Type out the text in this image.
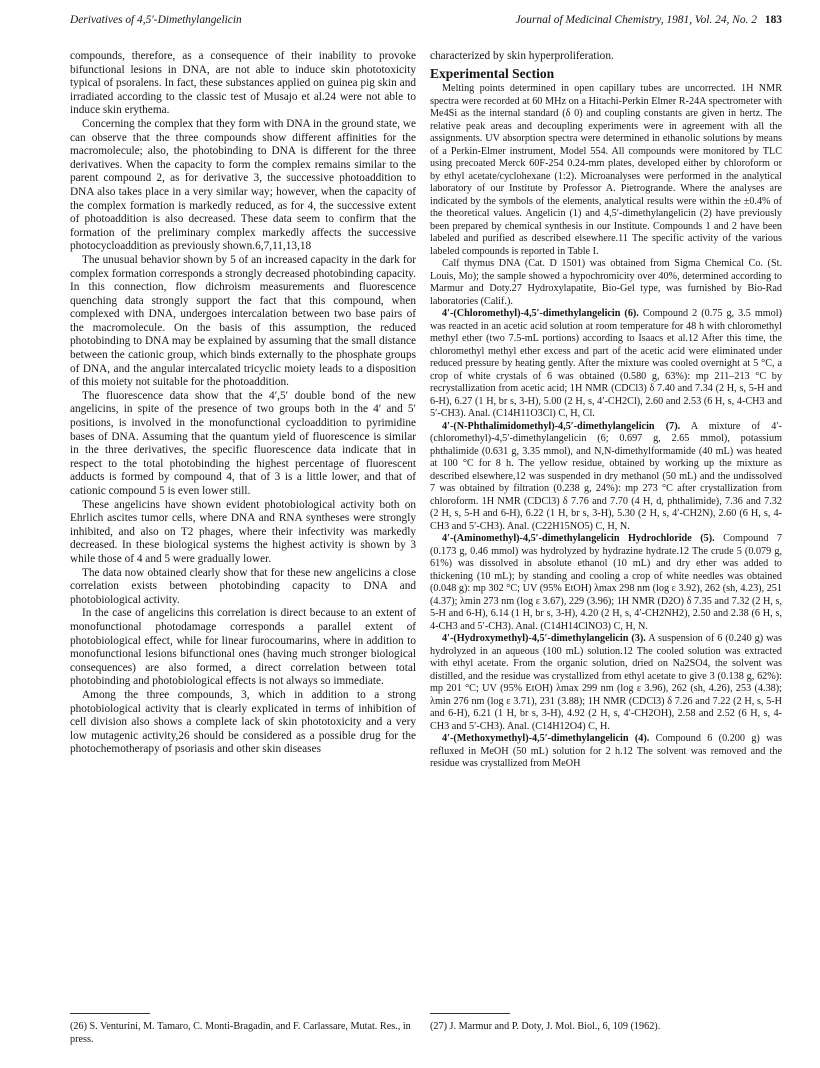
Derivatives of 4,5′-Dimethylangelicin	Journal of Medicinal Chemistry, 1981, Vol. 24, No. 2 183

compounds, therefore, as a consequence of their inability to provoke bifunctional lesions in DNA, are not able to induce skin phototoxicity typical of psoralens. In fact, these substances applied on guinea pig skin and irradiated according to the classic test of Musajo et al.24 were not able to induce skin erythema.

Concerning the complex that they form with DNA in the ground state, we can observe that the three compounds show different affinities for the macromolecule; also, the photobinding to DNA is different for the three derivatives. When the capacity to form the complex remains similar to the parent compound 2, as for derivative 3, the successive photoaddition to DNA also takes place in a very similar way; however, when the capacity of the complex formation is markedly reduced, as for 4, the successive extent of photoaddition is also decreased. These data seem to confirm that the formation of the preliminary complex markedly affects the successive photocycloaddition as previously shown.6,7,11,13,18

The unusual behavior shown by 5 of an increased capacity in the dark for complex formation corresponds a strongly decreased photobinding capacity. In this connection, flow dichroism measurements and fluorescence quenching data strongly support the fact that this compound, when complexed with DNA, undergoes intercalation between two base pairs of the macromolecule. On the basis of this assumption, the reduced photobinding to DNA may be explained by assuming that the small distance between the cationic group, which binds externally to the phosphate groups of DNA, and the angular intercalated tricyclic moiety leads to a disposition of this moiety not suitable for the photoaddition.

The fluorescence data show that the 4′,5′ double bond of the new angelicins, in spite of the presence of two groups both in the 4′ and 5′ positions, is involved in the monofunctional cycloaddition to pyrimidine bases of DNA. Assuming that the quantum yield of fluorescence is similar in the three derivatives, the specific fluorescence data indicate that in respect to the total photobinding the highest percentage of fluorescent adducts is formed by compound 4, that of 3 is a little lower, and that of cationic compound 5 is even lower still.

These angelicins have shown evident photobiological activity both on Ehrlich ascites tumor cells, where DNA and RNA syntheses were strongly inhibited, and also on T2 phages, where their infectivity was markedly decreased. In these biological systems the highest activity is shown by 3 while those of 4 and 5 were gradually lower.

The data now obtained clearly show that for these new angelicins a close correlation exists between photobinding capacity to DNA and photobiological activity.

In the case of angelicins this correlation is direct because to an extent of monofunctional photodamage corresponds a parallel extent of photobiological effect, while for linear furocoumarins, where in addition to monofunctional lesions bifunctional ones (having much stronger biological consequences) are also formed, a direct correlation between total photobinding and photobiological effects is not always so immediate.

Among the three compounds, 3, which in addition to a strong photobiological activity that is clearly explicated in terms of inhibition of cell division also shows a complete lack of skin phototoxicity and a very low mutagenic activity,26 should be considered as a possible drug for the photochemotherapy of psoriasis and other skin diseases

characterized by skin hyperproliferation.

Experimental Section

Melting points determined in open capillary tubes are uncorrected. 1H NMR spectra were recorded at 60 MHz on a Hitachi-Perkin Elmer R-24A spectrometer with Me4Si as the internal standard (δ 0) and coupling constants are given in hertz. The relative peak areas and decoupling experiments were in agreement with all the assignments. UV absorption spectra were determined in ethanolic solutions by means of a Perkin-Elmer instrument, Model 554. All compounds were monitored by TLC using precoated Merck 60F-254 0.24-mm plates, developed either by chloroform or by ethyl acetate/cyclohexane (1:2). Microanalyses were performed in the analytical laboratory of our Institute by Professor A. Pietrogrande. Where the analyses are indicated by the symbols of the elements, analytical results were within the ±0.4% of the theoretical values. Angelicin (1) and 4,5′-dimethylangelicin (2) have previously been prepared by chemical synthesis in our Institute. Compounds 1 and 2 have been labeled and purified as described elsewhere.11 The specific activity of the various labeled compounds is reported in Table I.

Calf thymus DNA (Cat. D 1501) was obtained from Sigma Chemical Co. (St. Louis, Mo); the sample showed a hypochromicity over 40%, determined according to Marmur and Doty.27 Hydroxylapatite, Bio-Gel type, was furnished by Bio-Rad laboratories (Calif.).

4′-(Chloromethyl)-4,5′-dimethylangelicin (6). Compound 2 (0.75 g, 3.5 mmol) was reacted in an acetic acid solution at room temperature for 48 h with chloromethyl methyl ether (two 7.5-mL portions) according to Isaacs et al.12 After this time, the chloromethyl methyl ether excess and part of the acetic acid were eliminated under reduced pressure by heating gently. After the mixture was cooled overnight at 5 °C, a crop of white crystals of 6 was obtained (0.580 g, 63%): mp 211–213 °C by recrystallization from acetic acid; 1H NMR (CDCl3) δ 7.40 and 7.34 (2 H, s, 5-H and 6-H), 6.27 (1 H, br s, 3-H), 5.00 (2 H, s, 4′-CH2Cl), 2.60 and 2.53 (6 H, s, 4-CH3 and 5′-CH3). Anal. (C14H11O3Cl) C, H, Cl.

4′-(N-Phthalimidomethyl)-4,5′-dimethylangelicin (7). A mixture of 4′-(chloromethyl)-4,5′-dimethylangelicin (6; 0.697 g, 2.65 mmol), potassium phthalimide (0.631 g, 3.35 mmol), and N,N-dimethylformamide (40 mL) was heated at 100 °C for 8 h. The yellow residue, obtained by working up the mixture as described elsewhere,12 was suspended in dry methanol (50 mL) and the undissolved 7 was obtained by filtration (0.238 g, 24%): mp 273 °C after crystallization from chloroform. 1H NMR (CDCl3) δ 7.76 and 7.70 (4 H, d, phthalimide), 7.36 and 7.32 (2 H, s, 5-H and 6-H), 6.22 (1 H, br s, 3-H), 5.30 (2 H, s, 4′-CH2N), 2.60 (6 H, s, 4-CH3 and 5′-CH3). Anal. (C22H15NO5) C, H, N.

4′-(Aminomethyl)-4,5′-dimethylangelicin Hydrochloride (5). Compound 7 (0.173 g, 0.46 mmol) was hydrolyzed by hydrazine hydrate.12 The crude 5 (0.079 g, 61%) was dissolved in absolute ethanol (10 mL) and dry ether was added to thickening (10 mL); by standing and cooling a crop of white needles was obtained (0.048 g): mp 302 °C; UV (95% EtOH) λmax 298 nm (log ε 3.92), 262 (sh, 4.23), 251 (4.37); λmin 273 nm (log ε 3.67), 229 (3.96); 1H NMR (D2O) δ 7.35 and 7.32 (2 H, s, 5-H and 6-H), 6.14 (1 H, br s, 3-H), 4.20 (2 H, s, 4′-CH2NH2), 2.50 and 2.38 (6 H, s, 4-CH3 and 5′-CH3). Anal. (C14H14ClNO3) C, H, N.

4′-(Hydroxymethyl)-4,5′-dimethylangelicin (3). A suspension of 6 (0.240 g) was hydrolyzed in an aqueous (100 mL) solution.12 The cooled solution was extracted with ethyl acetate. From the organic solution, dried on Na2SO4, the solvent was distilled, and the residue was crystallized from ethyl acetate to give 3 (0.138 g, 62%): mp 201 °C; UV (95% EtOH) λmax 299 nm (log ε 3.96), 262 (sh, 4.26), 253 (4.38); λmin 276 nm (log ε 3.71), 231 (3.88); 1H NMR (CDCl3) δ 7.26 and 7.22 (2 H, s, 5-H and 6-H), 6.21 (1 H, br s, 3-H), 4.92 (2 H, s, 4′-CH2OH), 2.58 and 2.52 (6 H, s, 4-CH3 and 5′-CH3). Anal. (C14H12O4) C, H.

4′-(Methoxymethyl)-4,5′-dimethylangelicin (4). Compound 6 (0.200 g) was refluxed in MeOH (50 mL) solution for 2 h.12 The solvent was removed and the residue was crystallized from MeOH

(26) S. Venturini, M. Tamaro, C. Monti-Bragadin, and F. Carlassare, Mutat. Res., in press.
(27) J. Marmur and P. Doty, J. Mol. Biol., 6, 109 (1962).
